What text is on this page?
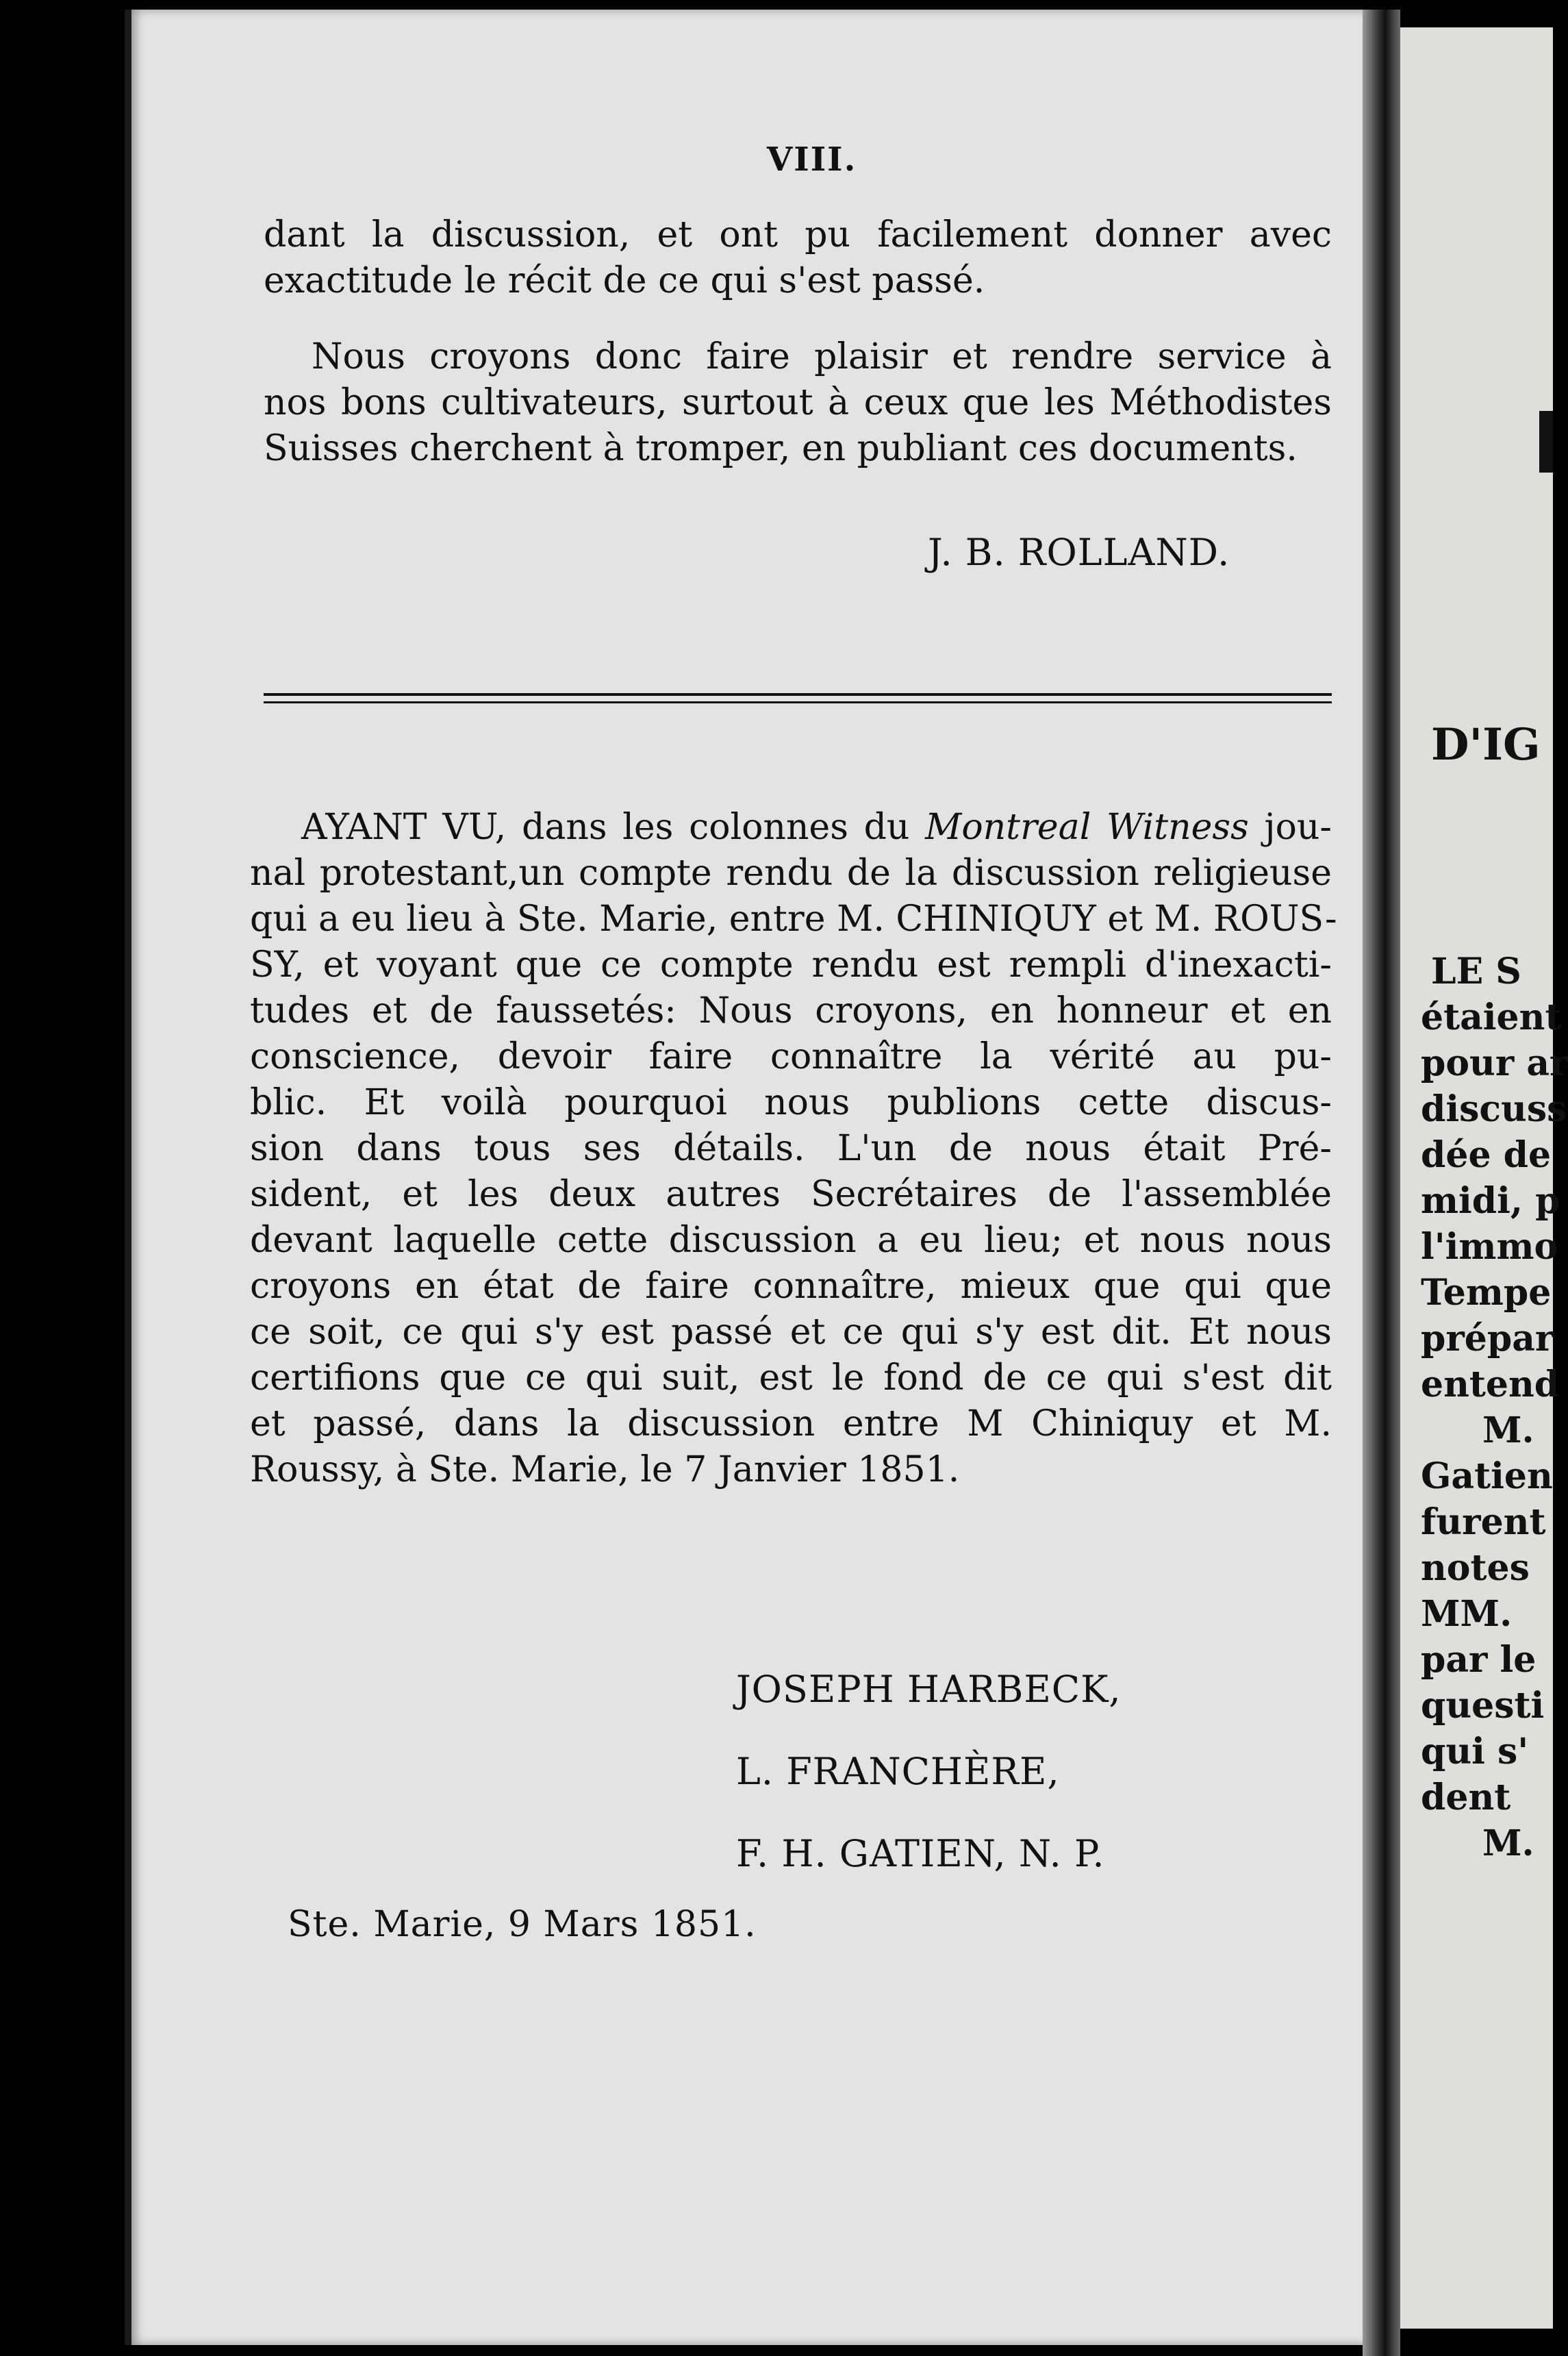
VIII.
dant la discussion, et ont pu facilement donner avec
exactitude le récit de ce qui s'est passé.
Nous croyons donc faire plaisir et rendre service à
nos bons cultivateurs, surtout à ceux que les Méthodistes
Suisses cherchent à tromper, en publiant ces documents.
J. B. ROLLAND.
AYANT VU, dans les colonnes du Montreal Witness jou-
nal protestant,un compte rendu de la discussion religieuse
qui a eu lieu à Ste. Marie, entre M. CHINIQUY et M. ROUS-
SY, et voyant que ce compte rendu est rempli d'inexacti-
tudes et de faussetés: Nous croyons, en honneur et en
conscience, devoir faire connaître la vérité au pu-
blic. Et voilà pourquoi nous publions cette discus-
sion dans tous ses détails. L'un de nous était Pré-
sident, et les deux autres Secrétaires de l'assemblée
devant laquelle cette discussion a eu lieu; et nous nous
croyons en état de faire connaître, mieux que qui que
ce soit, ce qui s'y est passé et ce qui s'y est dit. Et nous
certifions que ce qui suit, est le fond de ce qui s'est dit
et passé, dans la discussion entre M Chiniquy et M.
Roussy, à Ste. Marie, le 7 Janvier 1851.
JOSEPH HARBECK,
L. FRANCHÈRE,
F. H. GATIEN, N. P.
Ste. Marie, 9 Mars 1851.
D'IG
LE S
étaient
pour ar
discuss
dée de
midi, p
l'immo
Tempe
prépar
entend
M.
Gatien
furent
notes
MM.
par le
questi
qui s'
dent
M.
